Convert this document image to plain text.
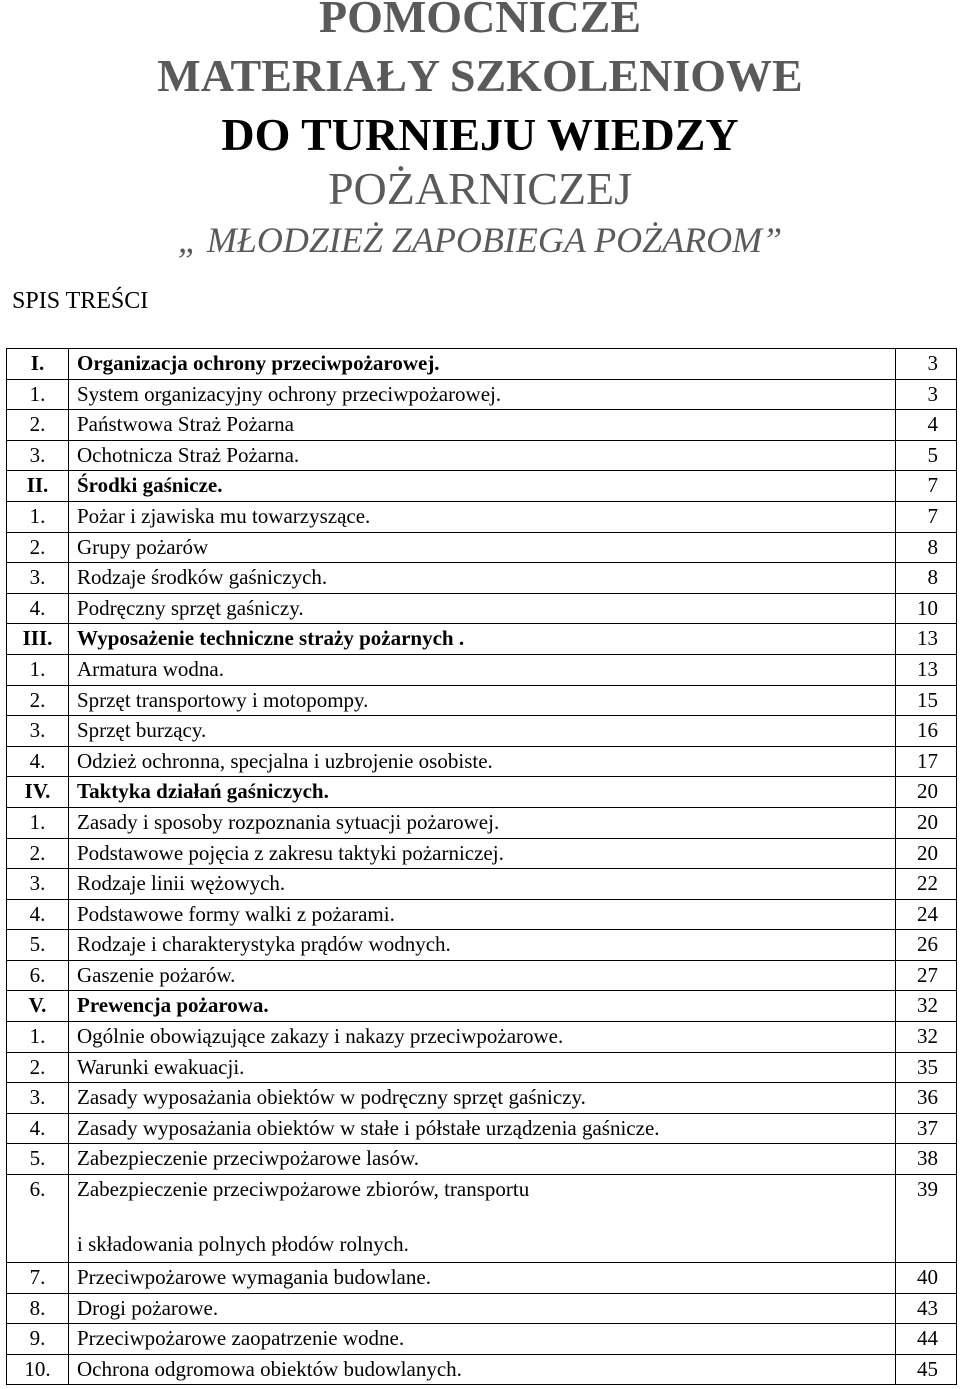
POMOCNICZE
MATERIAŁY SZKOLENIOWE
DO TURNIEJU WIEDZY
POŻARNICZEJ
„ MŁODZIEŻ ZAPOBIEGA POŻAROM”
SPIS TREŚCI
I.	Organizacja ochrony przeciwpożarowej.	3
1.	System organizacyjny ochrony przeciwpożarowej.	3
2.	Państwowa Straż Pożarna	4
3.	Ochotnicza Straż Pożarna.	5
II.	Środki gaśnicze.	7
1.	Pożar i zjawiska mu towarzyszące.	7
2.	Grupy pożarów	8
3.	Rodzaje środków gaśniczych.	8
4.	Podręczny sprzęt gaśniczy.	10
III.	Wyposażenie techniczne straży pożarnych .	13
1.	Armatura wodna.	13
2.	Sprzęt transportowy i motopompy.	15
3.	Sprzęt burzący.	16
4.	Odzież ochronna, specjalna i uzbrojenie osobiste.	17
IV.	Taktyka działań gaśniczych.	20
1.	Zasady i sposoby rozpoznania sytuacji pożarowej.	20
2.	Podstawowe pojęcia z zakresu taktyki pożarniczej.	20
3.	Rodzaje linii wężowych.	22
4.	Podstawowe formy walki z pożarami.	24
5.	Rodzaje i charakterystyka prądów wodnych.	26
6.	Gaszenie pożarów.	27
V.	Prewencja pożarowa.	32
1.	Ogólnie obowiązujące zakazy i nakazy przeciwpożarowe.	32
2.	Warunki ewakuacji.	35
3.	Zasady wyposażania obiektów w podręczny sprzęt gaśniczy.	36
4.	Zasady wyposażania obiektów w stałe i półstałe urządzenia gaśnicze.	37
5.	Zabezpieczenie przeciwpożarowe lasów.	38
6.	Zabezpieczenie przeciwpożarowe zbiorów, transportu
i składowania polnych płodów rolnych.	39
7.	Przeciwpożarowe wymagania budowlane.	40
8.	Drogi pożarowe.	43
9.	Przeciwpożarowe zaopatrzenie wodne.	44
10.	Ochrona odgromowa obiektów budowlanych.	45
